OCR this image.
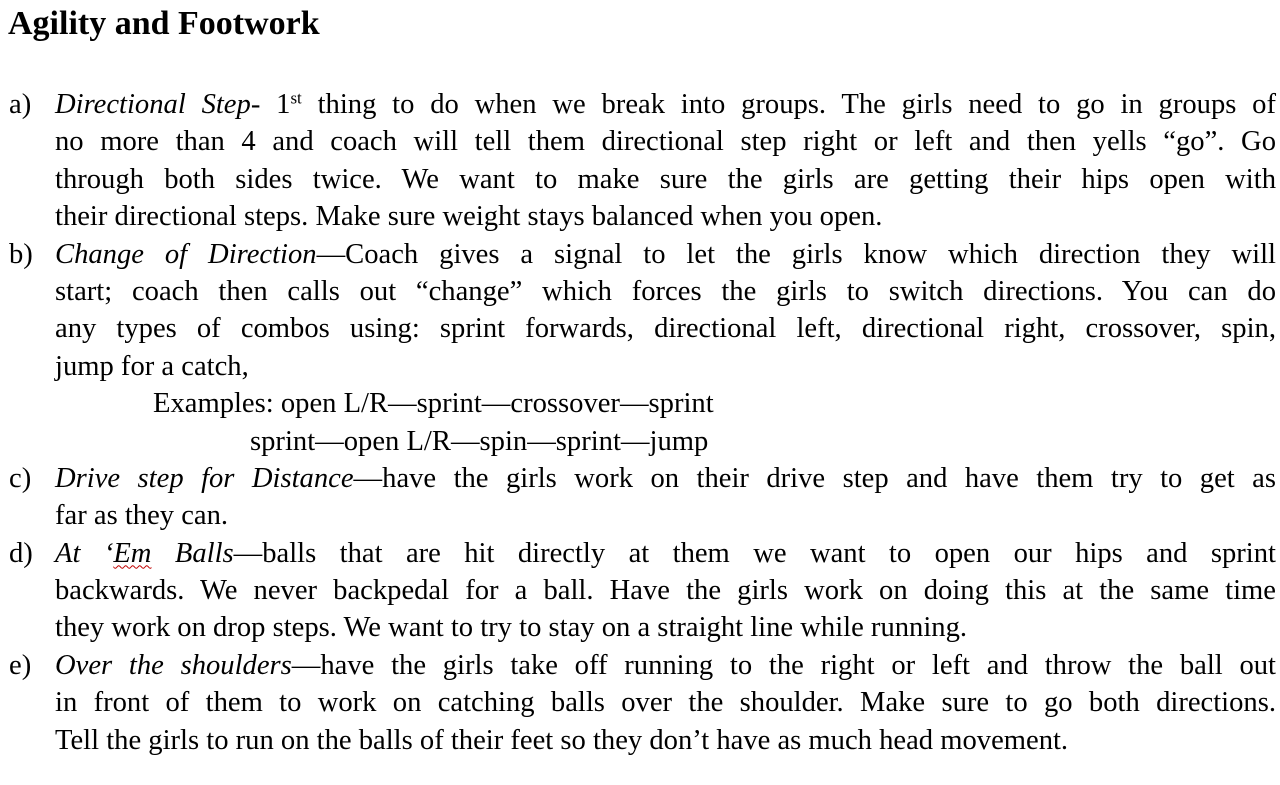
Agility and Footwork
a) Directional Step- 1st thing to do when we break into groups. The girls need to go in groups of
no more than 4 and coach will tell them directional step right or left and then yells “go”. Go
through both sides twice. We want to make sure the girls are getting their hips open with
their directional steps. Make sure weight stays balanced when you open.
b) Change of Direction—Coach gives a signal to let the girls know which direction they will
start; coach then calls out “change” which forces the girls to switch directions. You can do
any types of combos using: sprint forwards, directional left, directional right, crossover, spin,
jump for a catch,
Examples: open L/R—sprint—crossover—sprint
sprint—open L/R—spin—sprint—jump
c) Drive step for Distance—have the girls work on their drive step and have them try to get as
far as they can.
d) At ‘Em Balls—balls that are hit directly at them we want to open our hips and sprint
backwards. We never backpedal for a ball. Have the girls work on doing this at the same time
they work on drop steps. We want to try to stay on a straight line while running.
e) Over the shoulders—have the girls take off running to the right or left and throw the ball out
in front of them to work on catching balls over the shoulder. Make sure to go both directions.
Tell the girls to run on the balls of their feet so they don’t have as much head movement.
